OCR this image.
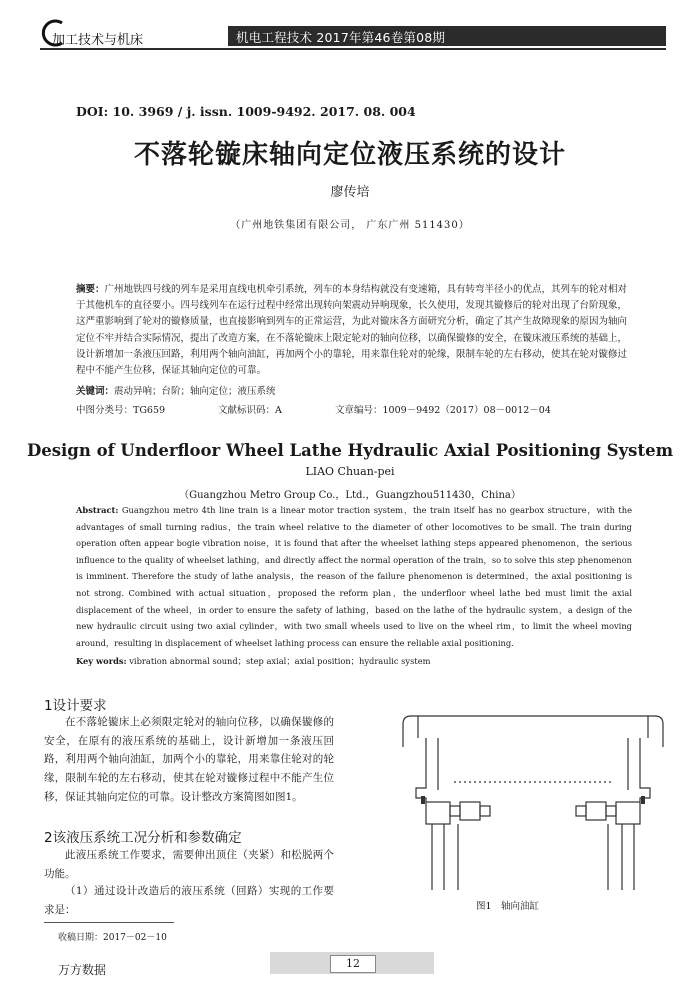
加工技术与机床	机电工程技术 2017年第46卷第08期
DOI: 10. 3969 / j. issn. 1009-9492. 2017. 08. 004
不落轮镟床轴向定位液压系统的设计
廖传培
（广州地铁集团有限公司， 广东广州 511430）
摘要：广州地铁四号线的列车是采用直线电机牵引系统，列车的本身结构就没有变速箱，具有转弯半径小的优点，其列车的轮对相对于其他机车的直径要小。四号线列车在运行过程中经常出现转向架震动异响现象，长久使用，发现其镟修后的轮对出现了台阶现象，这严重影响到了轮对的镟修质量，也直接影响到列车的正常运营，为此对镟床各方面研究分析，确定了其产生故障现象的原因为轴向定位不牢并结合实际情况，提出了改造方案，在不落轮镟床上限定轮对的轴向位移，以确保镟修的安全，在镟床液压系统的基础上，设计新增加一条液压回路，利用两个轴向油缸，再加两个小的靠轮，用来靠住轮对的轮缘，限制车轮的左右移动，使其在轮对镟修过程中不能产生位移，保证其轴向定位的可靠。
关键词：震动异响；台阶；轴向定位；液压系统
中图分类号：TG659	文献标识码：A	文章编号：1009－9492（2017）08－0012－04
Design of Underfloor Wheel Lathe Hydraulic Axial Positioning System
LIAO Chuan-pei
（Guangzhou Metro Group Co.，Ltd.，Guangzhou511430，China）
Abstract: Guangzhou metro 4th line train is a linear motor traction system，the train itself has no gearbox structure，with the advantages of small turning radius，the train wheel relative to the diameter of other locomotives to be small. The train during operation often appear bogie vibration noise，it is found that after the wheelset lathing steps appeared phenomenon，the serious influence to the quality of wheelset lathing，and directly affect the normal operation of the train，so to solve this step phenomenon is imminent. Therefore the study of lathe analysis，the reason of the failure phenomenon is determined，the axial positioning is not strong. Combined with actual situation，proposed the reform plan，the underfloor wheel lathe bed must limit the axial displacement of the wheel，in order to ensure the safety of lathing，based on the lathe of the hydraulic system，a design of the new hydraulic circuit using two axial cylinder，with two small wheels used to live on the wheel rim，to limit the wheel moving around，resulting in displacement of wheelset lathing process can ensure the reliable axial positioning.
Key words: vibration abnormal sound；step axial；axial position；hydraulic system
1设计要求
在不落轮镟床上必须限定轮对的轴向位移，以确保镟修的安全，在原有的液压系统的基础上，设计新增加一条液压回路，利用两个轴向油缸，加两个小的靠轮，用来靠住轮对的轮缘，限制车轮的左右移动，使其在轮对镟修过程中不能产生位移，保证其轴向定位的可靠。设计整改方案简图如图1。
2该液压系统工况分析和参数确定
此液压系统工作要求，需要伸出顶住（夹紧）和松脱两个功能。
（1）通过设计改造后的液压系统（回路）实现的工作要求是：	图1　轴向油缸
收稿日期：2017－02－10
万方数据	12
